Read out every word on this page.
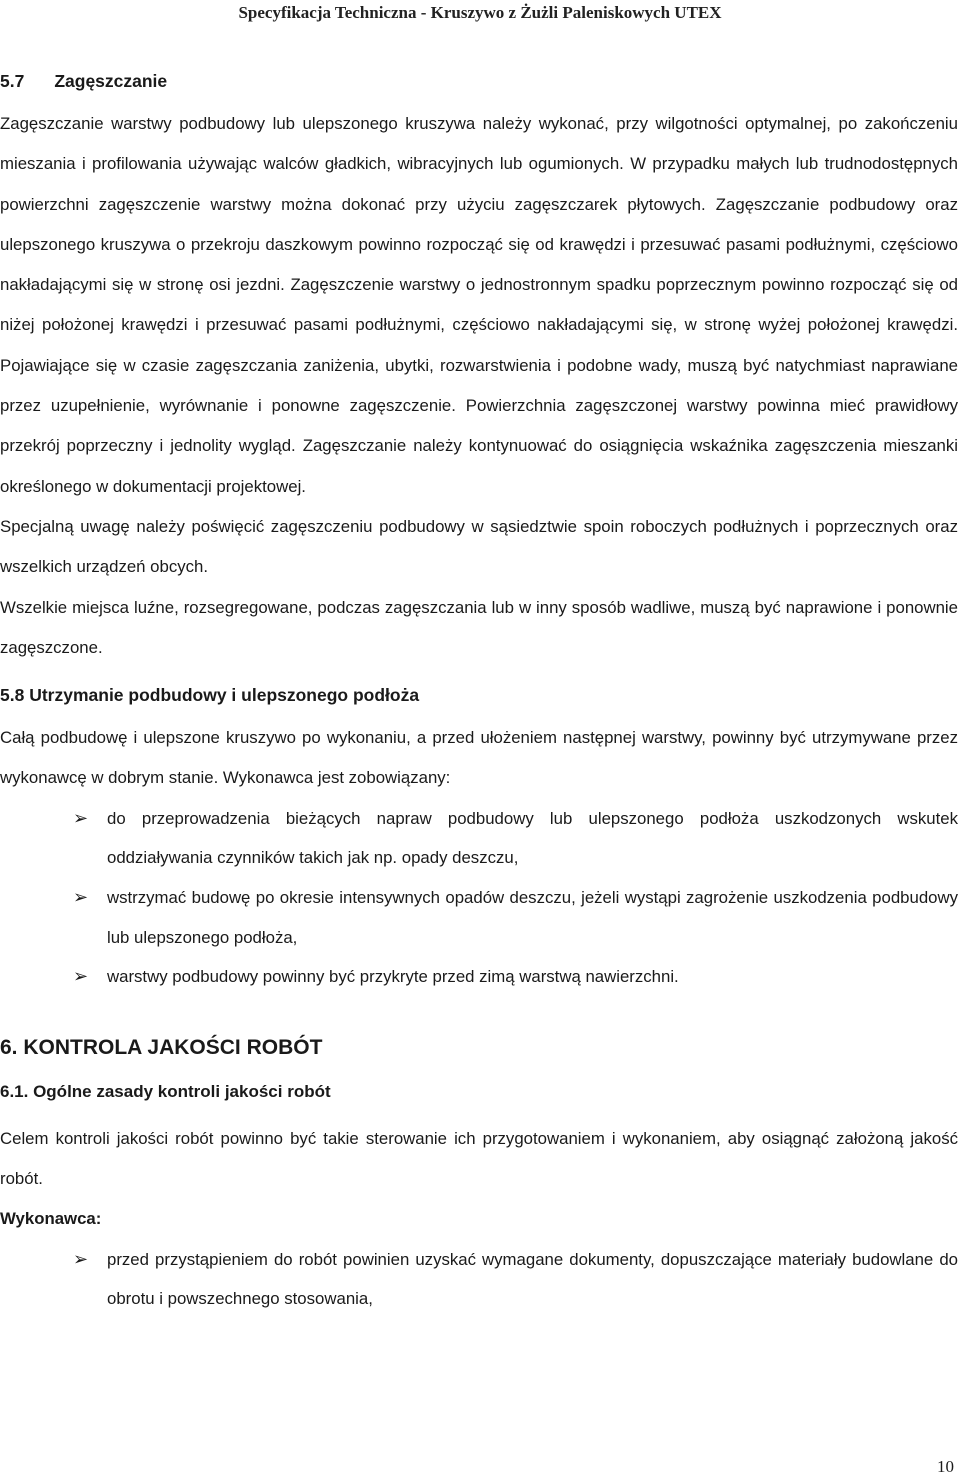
Specyfikacja Techniczna - Kruszywo z Żużli Paleniskowych UTEX
5.7 Zagęszczanie

Zagęszczanie warstwy podbudowy lub ulepszonego kruszywa należy wykonać, przy wilgotności optymalnej, po zakończeniu mieszania i profilowania używając walców gładkich, wibracyjnych lub ogumionych. W przypadku małych lub trudnodostępnych powierzchni zagęszczenie warstwy można dokonać przy użyciu zagęszczarek płytowych. Zagęszczanie podbudowy oraz ulepszonego kruszywa o przekroju daszkowym powinno rozpocząć się od krawędzi i przesuwać pasami podłużnymi, częściowo nakładającymi się w stronę osi jezdni. Zagęszczenie warstwy o jednostronnym spadku poprzecznym powinno rozpocząć się od niżej położonej krawędzi i przesuwać pasami podłużnymi, częściowo nakładającymi się, w stronę wyżej położonej krawędzi. Pojawiające się w czasie zagęszczania zaniżenia, ubytki, rozwarstwienia i podobne wady, muszą być natychmiast naprawiane przez uzupełnienie, wyrównanie i ponowne zagęszczenie. Powierzchnia zagęszczonej warstwy powinna mieć prawidłowy przekrój poprzeczny i jednolity wygląd. Zagęszczanie należy kontynuować do osiągnięcia wskaźnika zagęszczenia mieszanki określonego w dokumentacji projektowej.

Specjalną uwagę należy poświęcić zagęszczeniu podbudowy w sąsiedztwie spoin roboczych podłużnych i poprzecznych oraz wszelkich urządzeń obcych.

Wszelkie miejsca luźne, rozsegregowane, podczas zagęszczania lub w inny sposób wadliwe, muszą być naprawione i ponownie zagęszczone.

5.8 Utrzymanie podbudowy i ulepszonego podłoża

Całą podbudowę i ulepszone kruszywo po wykonaniu, a przed ułożeniem następnej warstwy, powinny być utrzymywane przez wykonawcę w dobrym stanie. Wykonawca jest zobowiązany:

➢ do przeprowadzenia bieżących napraw podbudowy lub ulepszonego podłoża uszkodzonych wskutek oddziaływania czynników takich jak np. opady deszczu,
➢ wstrzymać budowę po okresie intensywnych opadów deszczu, jeżeli wystąpi zagrożenie uszkodzenia podbudowy lub ulepszonego podłoża,
➢ warstwy podbudowy powinny być przykryte przed zimą warstwą nawierzchni.
6. KONTROLA JAKOŚCI ROBÓT
6.1. Ogólne zasady kontroli jakości robót

Celem kontroli jakości robót powinno być takie sterowanie ich przygotowaniem i wykonaniem, aby osiągnąć założoną jakość robót.

Wykonawca:
➢ przed przystąpieniem do robót powinien uzyskać wymagane dokumenty, dopuszczające materiały budowlane do obrotu i powszechnego stosowania,
10
